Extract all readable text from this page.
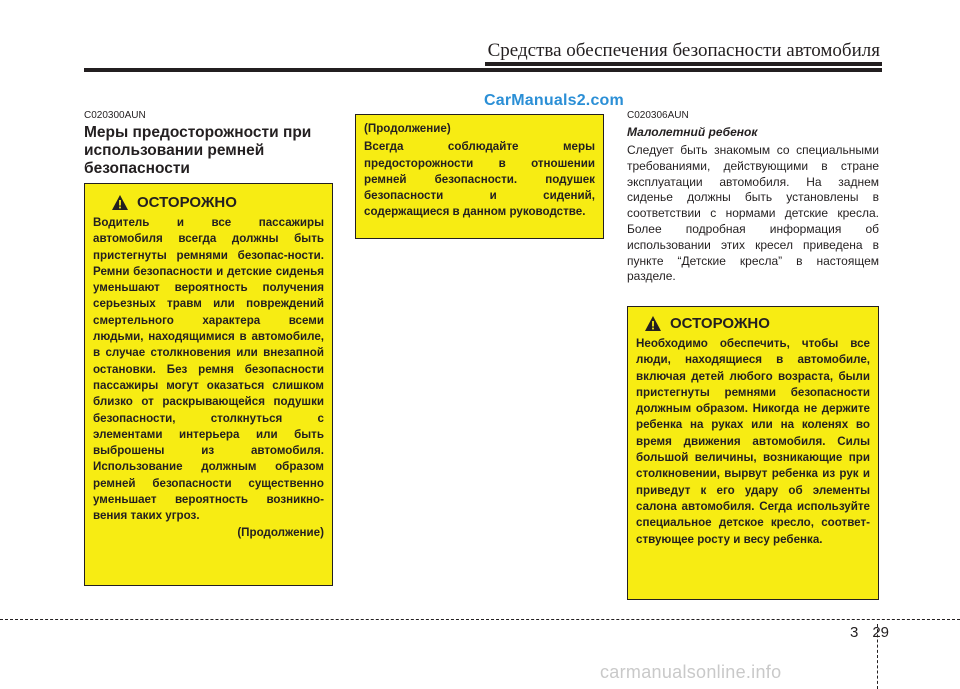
Средства обеспечения безопасности автомобиля
CarManuals2.com
C020300AUN
Меры предосторожности при использовании ремней безопасности
ОСТОРОЖНО
Водитель и все пассажиры автомобиля всегда должны быть пристегнуты ремнями безопас-ности. Ремни безопасности и детские сиденья уменьшают вероятность получения серьезных травм или повреждений смертельного характера всеми людьми, находящимися в автомобиле, в случае столкновения или внезапной остановки. Без ремня безопасности пассажиры могут оказаться слишком близко от раскрывающейся подушки безопасности, столкнуться с элементами интерьера или быть выброшены из автомобиля. Использование должным образом ремней безопасности существенно уменьшает вероятность возникно-вения таких угроз.
(Продолжение)
(Продолжение)
Всегда соблюдайте меры предосторожности в отношении ремней безопасности. подушек безопасности и сидений, содержащиеся в данном руководстве.
C020306AUN
Малолетний ребенок
Следует быть знакомым со специальными требованиями, действующими в стране эксплуатации автомобиля. На заднем сиденье должны быть установлены в соответствии с нормами детские кресла. Более подробная информация об использовании этих кресел приведена в пункте “Детские кресла” в настоящем разделе.
ОСТОРОЖНО
Необходимо обеспечить, чтобы все люди, находящиеся в автомобиле, включая детей любого возраста, были пристегнуты ремнями безопасности должным образом. Никогда не держите ребенка на руках или на коленях во время движения автомобиля. Силы большой величины, возникающие при столкновении, вырвут ребенка из рук и приведут к его удару об элементы салона автомобиля. Сегда используйте специальное детское кресло, соответ-ствующее росту и весу ребенка.
3 29
carmanualsonline.info
